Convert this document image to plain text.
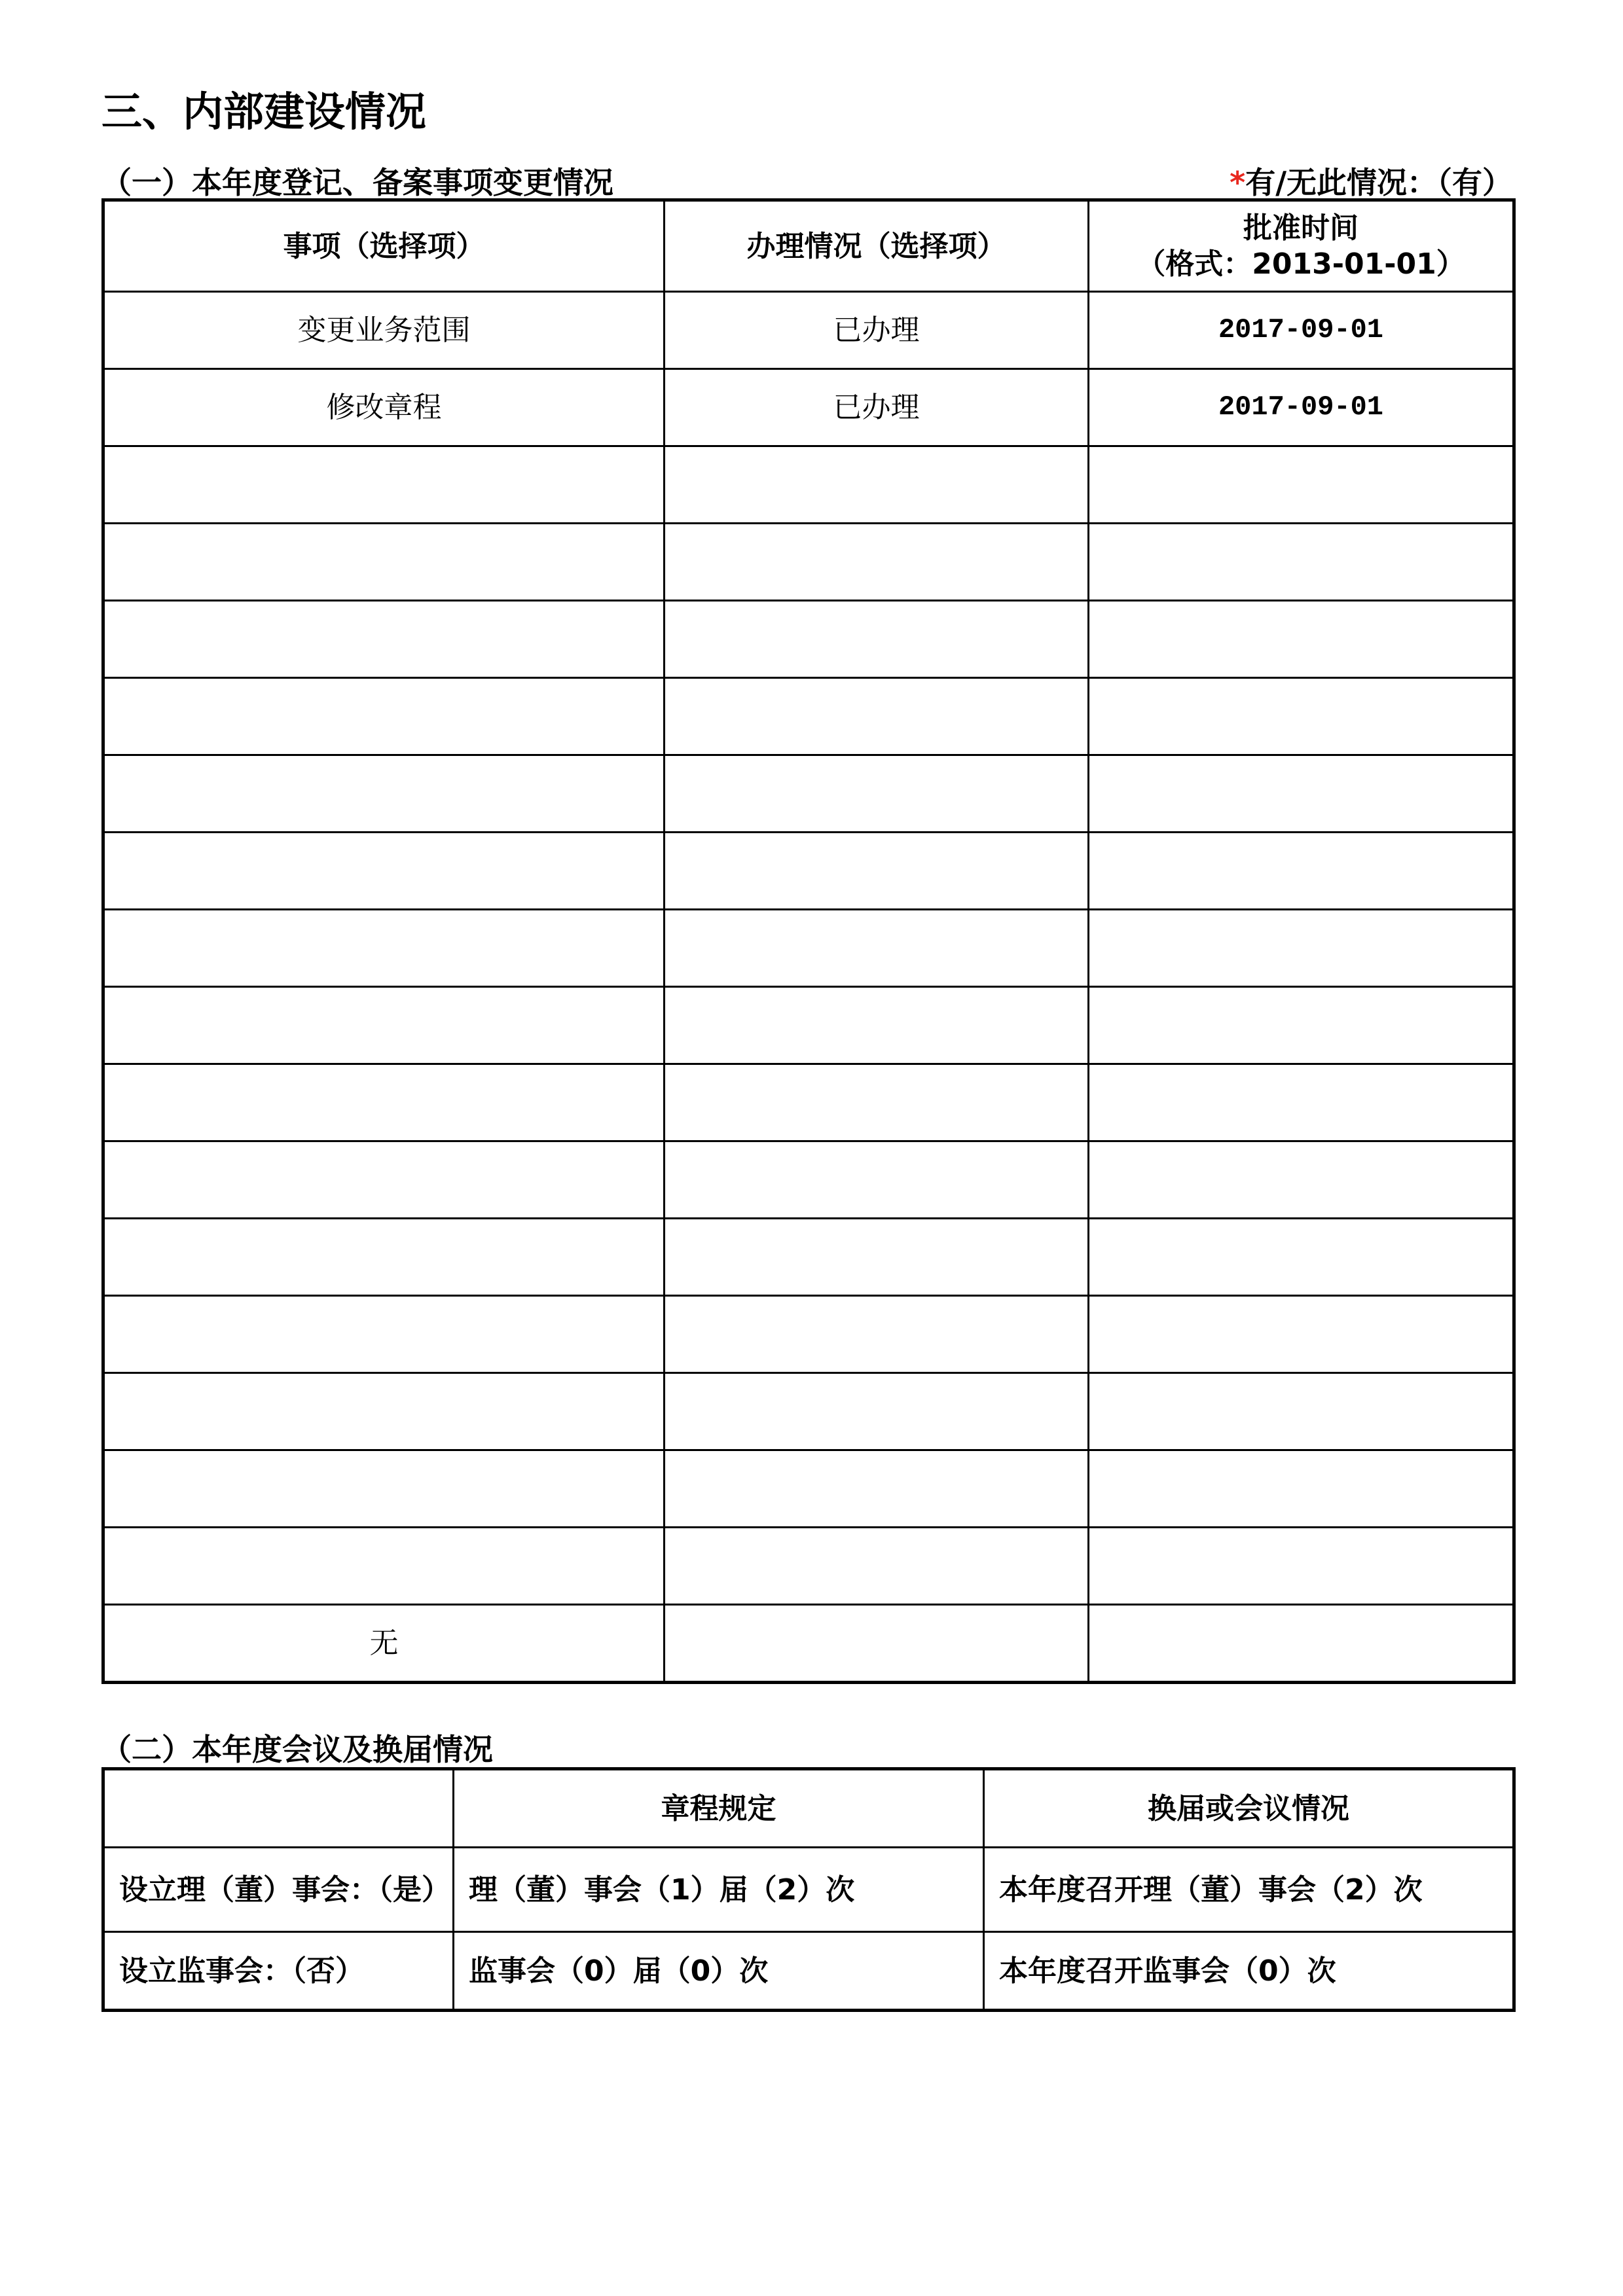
三、内部建设情况
（一）本年度登记、备案事项变更情况	*有/无此情况：（有）
事项（选择项）	办理情况（选择项）	批准时间
（格式：2013-01-01）

变更业务范围	已办理	2017-09-01
修改章程	已办理	2017-09-01

无		
（二）本年度会议及换届情况
	章程规定	换届或会议情况
设立理（董）事会：（是）	理（董）事会（1）届（2）次	本年度召开理（董）事会（2）次
设立监事会：（否）	监事会（0）届（0）次	本年度召开监事会（0）次
